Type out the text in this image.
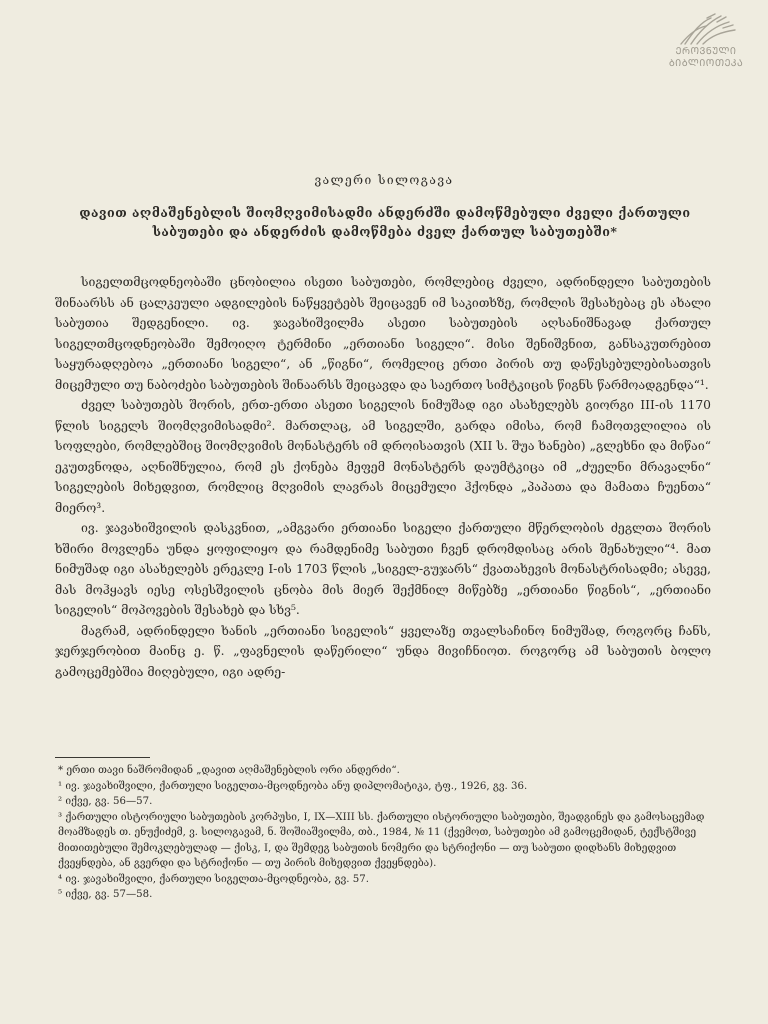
ᲔᲠᲝᲕᲜᲣᲚᲘ
ᲑᲘᲑᲚᲘᲝᲗᲔᲙᲐ
ვალერი სილოგავა
დავით აღმაშენებლის შიომღვიმისადმი ანდერძში დამოწმებული ძველი ქართული საბუთები და ანდერძის დამოწმება ძველ ქართულ საბუთებში*

სიგელთმცოდნეობაში ცნობილია ისეთი საბუთები, რომლებიც ძველი, ადრინდელი საბუთების შინაარსს ან ცალკეული ადგილების ნაწყვეტებს შეიცავენ იმ საკითხზე, რომლის შესახებაც ეს ახალი საბუთია შედგენილი. ივ. ჯავახიშვილმა ასეთი საბუთების აღსანიშნავად ქართულ სიგელთმცოდნეობაში შემოიღო ტერმინი „ერთიანი სიგელი“. მისი შენიშვნით, განსაკუთრებით საყურადღებოა „ერთიანი სიგელი“, ან „წიგნი“, რომელიც ერთი პირის თუ დაწესებულებისათვის მიცემული თუ ნაბოძები საბუთების შინაარსს შეიცავდა და საერთო სიმტკიცის წიგნს წარმოადგენდა“¹.

ძველ საბუთებს შორის, ერთ-ერთი ასეთი სიგელის ნიმუშად იგი ასახელებს გიორგი III-ის 1170 წლის სიგელს შიომღვიმისადმი². მართლაც, ამ სიგელში, გარდა იმისა, რომ ჩამოთვლილია ის სოფლები, რომლებშიც შიომღვიმის მონასტერს იმ დროისათვის (XII ს. შუა ხანები) „გლეხნი და მიწაი“ ეკუთვნოდა, აღნიშნულია, რომ ეს ქონება მეფემ მონასტერს დაუმტკიცა იმ „ძუელნი მრავალნი“ სიგელების მიხედვით, რომლიც მღვიმის ლავრას მიცემული ჰქონდა „პაპათა და მამათა ჩუენთა“ მიერო³.

ივ. ჯავახიშვილის დასკვნით, „ამგვარი ერთიანი სიგელი ქართული მწერლობის ძეგლთა შორის ხშირი მოვლენა უნდა ყოფილიყო და რამდენიმე საბუთი ჩვენ დრომდისაც არის შენახული“⁴. მათ ნიმუშად იგი ასახელებს ერეკლე I-ის 1703 წლის „სიგელ-გუჯარს“ ქვათახევის მონასტრისადმი; ასევე, მას მოჰყავს იესე ოსესშვილის ცნობა მის მიერ შექმნილ მიწებზე „ერთიანი წიგნის“, „ერთიანი სიგელის“ მოპოვების შესახებ და სხვ⁵.

მაგრამ, ადრინდელი ხანის „ერთიანი სიგელის“ ყველაზე თვალსაჩინო ნიმუშად, როგორც ჩანს, ჯერჯერობით მაინც ე. წ. „ფავნელის დაწერილი“ უნდა მივიჩნიოთ. როგორც ამ საბუთის ბოლო გამოცემებშია მიღებული, იგი ადრე-

* ერთი თავი ნაშრომიდან „დავით აღმაშენებლის ორი ანდერძი“.

¹ ივ. ჯავახიშვილი, ქართული სიგელთა-მცოდნეობა ანუ დიპლომატიკა, ტფ., 1926, გვ. 36.

² იქვე, გვ. 56—57.

³ ქართული ისტორიული საბუთების კორპუსი, I, IX—XIII სს. ქართული ისტორიული საბუთები, შეადგინეს და გამოსაცემად მოამზადეს თ. ენუქიძემ, ვ. სილოგავამ, ნ. შოშიაშვილმა, თბ., 1984, № 11 (ქვემოთ, საბუთები ამ გამოცემიდან, ტექსტშივე მითითებული შემოკლებულად — ქისკ, I, და შემდეგ საბუთის ნომერი და სტრიქონი — თუ საბუთი დიდხანს მიხედვით ქვეყნდება, ან გვერდი და სტრიქონი — თუ პირის მიხედვით ქვეყნდება).

⁴ ივ. ჯავახიშვილი, ქართული სიგელთა-მცოდნეობა, გვ. 57.

⁵ იქვე, გვ. 57—58.
